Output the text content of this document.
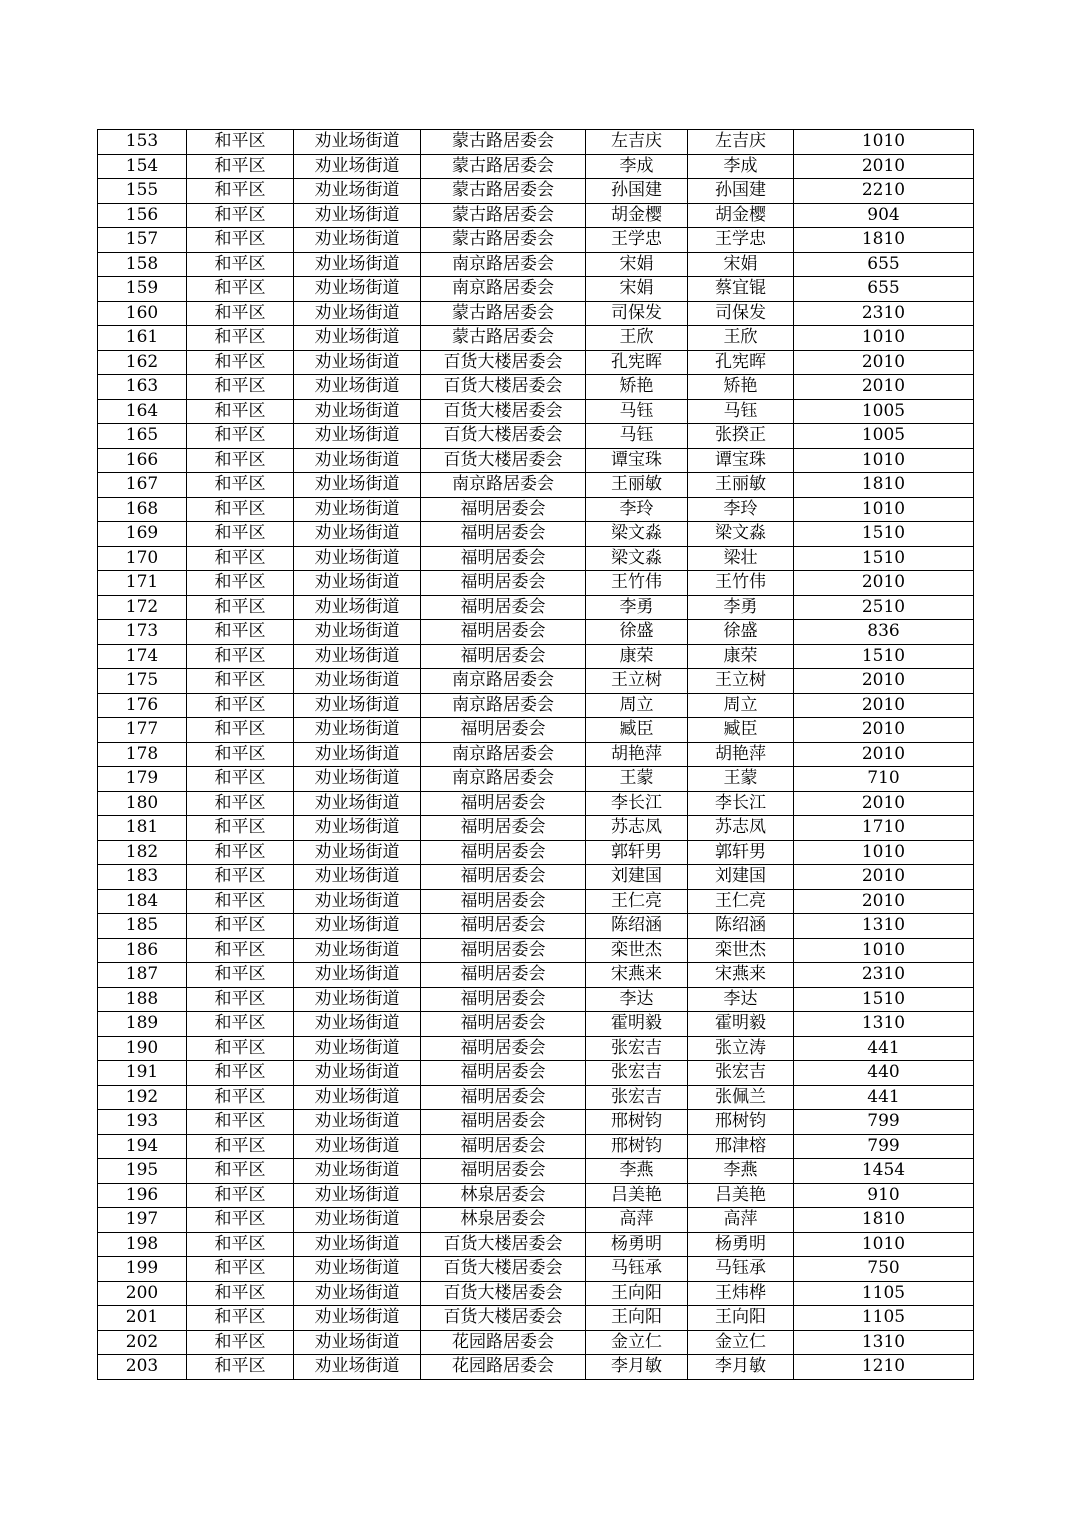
153	和平区	劝业场街道	蒙古路居委会	左吉庆	左吉庆	1010
154	和平区	劝业场街道	蒙古路居委会	李成	李成	2010
155	和平区	劝业场街道	蒙古路居委会	孙国建	孙国建	2210
156	和平区	劝业场街道	蒙古路居委会	胡金樱	胡金樱	904
157	和平区	劝业场街道	蒙古路居委会	王学忠	王学忠	1810
158	和平区	劝业场街道	南京路居委会	宋娟	宋娟	655
159	和平区	劝业场街道	南京路居委会	宋娟	蔡宜锟	655
160	和平区	劝业场街道	蒙古路居委会	司保发	司保发	2310
161	和平区	劝业场街道	蒙古路居委会	王欣	王欣	1010
162	和平区	劝业场街道	百货大楼居委会	孔宪晖	孔宪晖	2010
163	和平区	劝业场街道	百货大楼居委会	矫艳	矫艳	2010
164	和平区	劝业场街道	百货大楼居委会	马钰	马钰	1005
165	和平区	劝业场街道	百货大楼居委会	马钰	张揆正	1005
166	和平区	劝业场街道	百货大楼居委会	谭宝珠	谭宝珠	1010
167	和平区	劝业场街道	南京路居委会	王丽敏	王丽敏	1810
168	和平区	劝业场街道	福明居委会	李玲	李玲	1010
169	和平区	劝业场街道	福明居委会	梁文淼	梁文淼	1510
170	和平区	劝业场街道	福明居委会	梁文淼	梁壮	1510
171	和平区	劝业场街道	福明居委会	王竹伟	王竹伟	2010
172	和平区	劝业场街道	福明居委会	李勇	李勇	2510
173	和平区	劝业场街道	福明居委会	徐盛	徐盛	836
174	和平区	劝业场街道	福明居委会	康荣	康荣	1510
175	和平区	劝业场街道	南京路居委会	王立树	王立树	2010
176	和平区	劝业场街道	南京路居委会	周立	周立	2010
177	和平区	劝业场街道	福明居委会	臧臣	臧臣	2010
178	和平区	劝业场街道	南京路居委会	胡艳萍	胡艳萍	2010
179	和平区	劝业场街道	南京路居委会	王蒙	王蒙	710
180	和平区	劝业场街道	福明居委会	李长江	李长江	2010
181	和平区	劝业场街道	福明居委会	苏志凤	苏志凤	1710
182	和平区	劝业场街道	福明居委会	郭轩男	郭轩男	1010
183	和平区	劝业场街道	福明居委会	刘建国	刘建国	2010
184	和平区	劝业场街道	福明居委会	王仁亮	王仁亮	2010
185	和平区	劝业场街道	福明居委会	陈绍涵	陈绍涵	1310
186	和平区	劝业场街道	福明居委会	栾世杰	栾世杰	1010
187	和平区	劝业场街道	福明居委会	宋燕来	宋燕来	2310
188	和平区	劝业场街道	福明居委会	李达	李达	1510
189	和平区	劝业场街道	福明居委会	霍明毅	霍明毅	1310
190	和平区	劝业场街道	福明居委会	张宏吉	张立涛	441
191	和平区	劝业场街道	福明居委会	张宏吉	张宏吉	440
192	和平区	劝业场街道	福明居委会	张宏吉	张佩兰	441
193	和平区	劝业场街道	福明居委会	邢树钧	邢树钧	799
194	和平区	劝业场街道	福明居委会	邢树钧	邢津榕	799
195	和平区	劝业场街道	福明居委会	李燕	李燕	1454
196	和平区	劝业场街道	林泉居委会	吕美艳	吕美艳	910
197	和平区	劝业场街道	林泉居委会	高萍	高萍	1810
198	和平区	劝业场街道	百货大楼居委会	杨勇明	杨勇明	1010
199	和平区	劝业场街道	百货大楼居委会	马钰承	马钰承	750
200	和平区	劝业场街道	百货大楼居委会	王向阳	王炜桦	1105
201	和平区	劝业场街道	百货大楼居委会	王向阳	王向阳	1105
202	和平区	劝业场街道	花园路居委会	金立仁	金立仁	1310
203	和平区	劝业场街道	花园路居委会	李月敏	李月敏	1210
